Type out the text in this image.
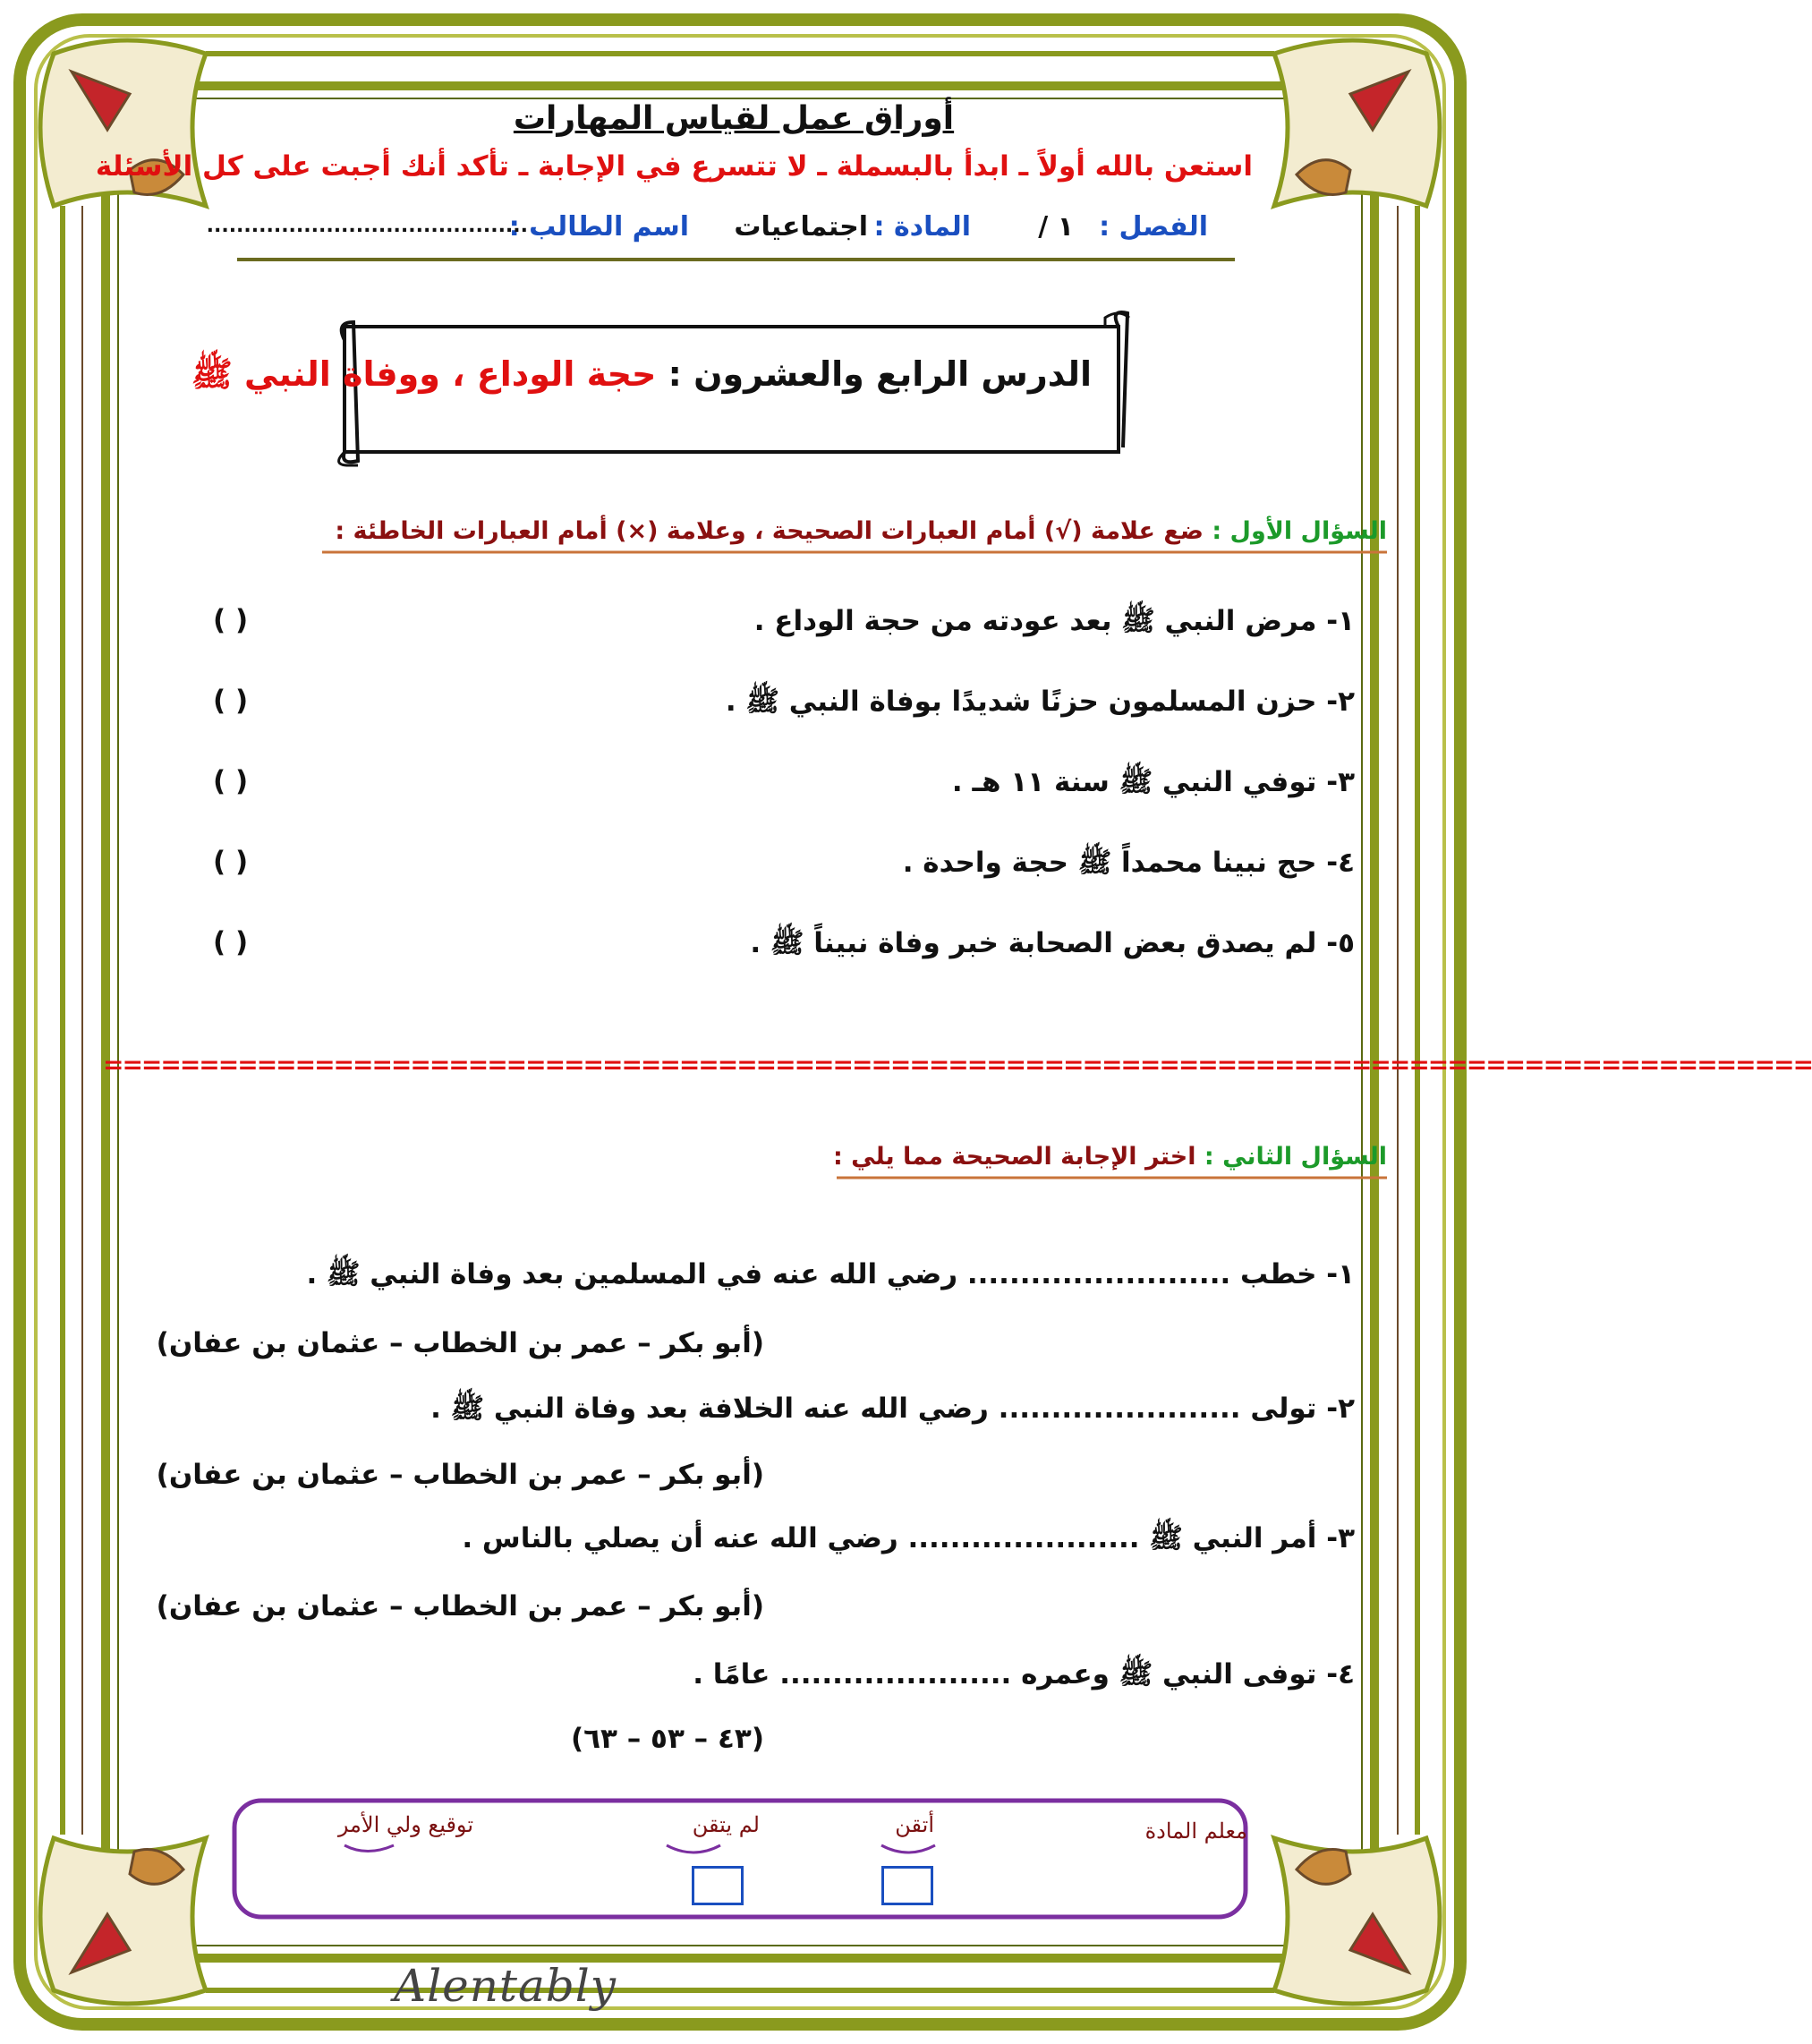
أوراق عمل لقياس المهارات
استعن بالله أولاً ـ ابدأ بالبسملة ـ لا تتسرع في الإجابة ـ تأكد أنك أجبت على كل الأسئلة
الفصل :
١ /
المادة :
اجتماعيات
اسم الطالب :
...........................................
الدرس الرابع والعشرون : حجة الوداع ، ووفاة النبي ﷺ
السؤال الأول : ضع علامة (√) أمام العبارات الصحيحة ، وعلامة (×) أمام العبارات الخاطئة :
١- مرض النبي ﷺ بعد عودته من حجة الوداع .
( )
٢- حزن المسلمون حزنًا شديدًا بوفاة النبي ﷺ .
( )
٣- توفي النبي ﷺ سنة ١١ هـ .
( )
٤- حج نبينا محمداً ﷺ حجة واحدة .
( )
٥- لم يصدق بعض الصحابة خبر وفاة نبيناً ﷺ .
( )
=========================================================================================
السؤال الثاني : اختر الإجابة الصحيحة مما يلي :
١- خطب ......................... رضي الله عنه في المسلمين بعد وفاة النبي ﷺ .
(أبو بكر – عمر بن الخطاب – عثمان بن عفان)
٢- تولى ....................... رضي الله عنه الخلافة بعد وفاة النبي ﷺ .
(أبو بكر – عمر بن الخطاب – عثمان بن عفان)
٣- أمر النبي ﷺ ...................... رضي الله عنه أن يصلي بالناس .
(أبو بكر – عمر بن الخطاب – عثمان بن عفان)
٤- توفى النبي ﷺ وعمره ...................... عامًا .
(٤٣ – ٥٣ – ٦٣)
معلم المادة
أتقن
لم يتقن
توقيع ولي الأمر
Alentably
